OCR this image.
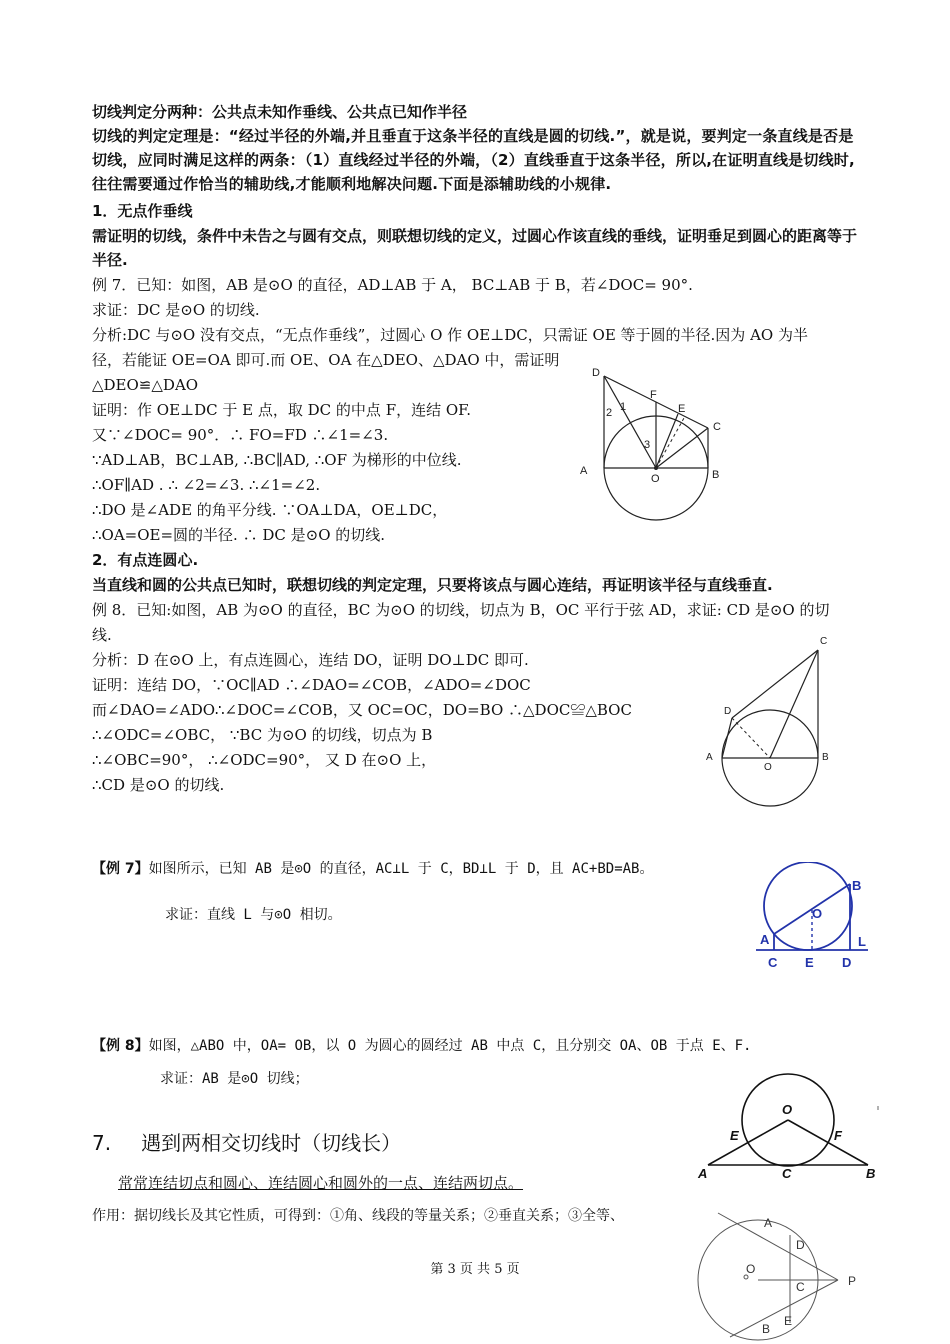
切线判定分两种：公共点未知作垂线、公共点已知作半径
切线的判定定理是：“经过半径的外端,并且垂直于这条半径的直线是圆的切线.”，就是说，要判定一条直线是否是切线，应同时满足这样的两条：（1）直线经过半径的外端，（2）直线垂直于这条半径，所以,在证明直线是切线时,往往需要通过作恰当的辅助线,才能顺利地解决问题.下面是添辅助线的小规律.
1．无点作垂线
需证明的切线，条件中未告之与圆有交点，则联想切线的定义，过圆心作该直线的垂线，证明垂足到圆心的距离等于半径.
例 7．已知：如图，AB 是⊙O 的直径，AD⊥AB 于 A， BC⊥AB 于 B，若∠DOC= 90°.
求证：DC 是⊙O 的切线.
分析:DC 与⊙O 没有交点，“无点作垂线”，过圆心 O 作 OE⊥DC，只需证 OE 等于圆的半径.因为 AO 为半
径，若能证 OE=OA 即可.而 OE、OA 在△DEO、△DAO 中，需证明
△DEO≌△DAO
证明：作 OE⊥DC 于 E 点，取 DC 的中点 F，连结 OF.
又∵∠DOC= 90°．∴ FO=FD ∴∠1=∠3.
∵AD⊥AB，BC⊥AB, ∴BC∥AD, ∴OF 为梯形的中位线.
∴OF∥AD . ∴ ∠2=∠3. ∴∠1=∠2.
∴DO 是∠ADE 的角平分线. ∵OA⊥DA，OE⊥DC，
∴OA=OE=圆的半径. ∴ DC 是⊙O 的切线.
2．有点连圆心.
当直线和圆的公共点已知时，联想切线的判定定理，只要将该点与圆心连结，再证明该半径与直线垂直.
例 8．已知:如图，AB 为⊙O 的直径，BC 为⊙O 的切线，切点为 B，OC 平行于弦 AD，求证: CD 是⊙O 的切
线.
分析：D 在⊙O 上，有点连圆心，连结 DO，证明 DO⊥DC 即可.
证明：连结 DO，∵OC∥AD ∴∠DAO=∠COB，∠ADO=∠DOC
而∠DAO=∠ADO∴∠DOC=∠COB，又 OC=OC，DO=BO ∴△DOC≌△BOC
∴∠ODC=∠OBC， ∵BC 为⊙O 的切线，切点为 B
∴∠OBC=90°， ∴∠ODC=90°， 又 D 在⊙O 上，
∴CD 是⊙O 的切线.
【例 7】如图所示，已知 AB 是⊙O 的直径，AC⊥L 于 C，BD⊥L 于 D，且 AC+BD=AB。
求证：直线 L 与⊙O 相切。
【例 8】如图，△ABO 中，OA= OB，以 O 为圆心的圆经过 AB 中点 C，且分别交 OA、OB 于点 E、F.
求证：AB 是⊙O 切线；
7. 遇到两相交切线时（切线长）
常常连结切点和圆心、连结圆心和圆外的一点、连结两切点。
作用：据切线长及其它性质，可得到：①角、线段的等量关系；②垂直关系；③全等、
第 3 页 共 5 页
D
F
E
C
A
O	B
1
2
3
C
D
A
O
B
B
O
A
C E D
L
O
E	F
A	C	B
A
D
O
C	P
B
E
